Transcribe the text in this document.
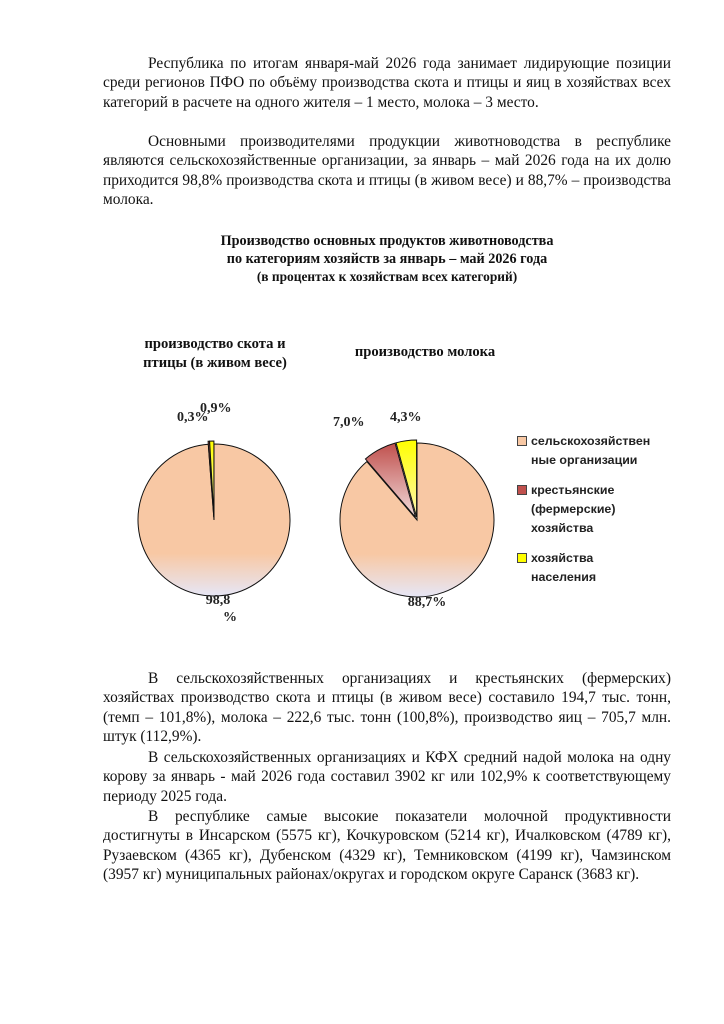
Республика по итогам января-май 2026 года занимает лидирующие позиции среди регионов ПФО по объёму производства скота и птицы и яиц в хозяйствах всех категорий в расчете на одного жителя – 1 место, молока – 3 место.

Основными производителями продукции животноводства в республике являются сельскохозяйственные организации, за январь – май 2026 года на их долю приходится 98,8% производства скота и птицы (в живом весе) и 88,7% – производства молока.

Производство основных продуктов животноводства
по категориям хозяйств за январь – май 2026 года
(в процентах к хозяйствам всех категорий)
производство скота и
птицы (в живом весе)
производство молока
98,8
%
0,3%
0,9%
88,7%
7,0% 4,3%
сельскохозяйствен
ные организации
крестьянские
(фермерские)
хозяйства
хозяйства
населения

В сельскохозяйственных организациях и крестьянских (фермерских) хозяйствах производство скота и птицы (в живом весе) составило 194,7 тыс. тонн, (темп – 101,8%), молока – 222,6 тыс. тонн (100,8%), производство яиц – 705,7 млн. штук (112,9%).

В сельскохозяйственных организациях и КФХ средний надой молока на одну корову за январь - май 2026 года составил 3902 кг или 102,9% к соответствующему периоду 2025 года.

В республике самые высокие показатели молочной продуктивности достигнуты в Инсарском (5575 кг), Кочкуровском (5214 кг), Ичалковском (4789 кг), Рузаевском (4365 кг), Дубенском (4329 кг), Темниковском (4199 кг), Чамзинском (3957 кг) муниципальных районах/округах и городском округе Саранск (3683 кг).
